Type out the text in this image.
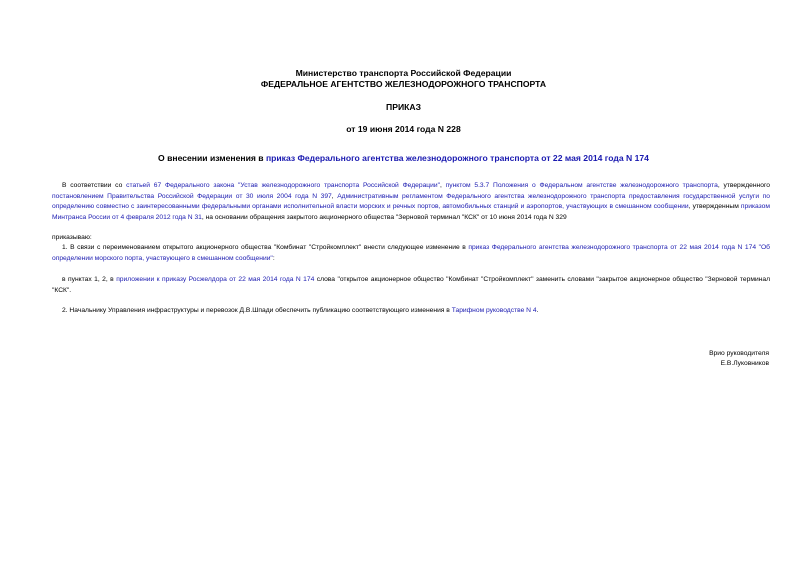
Министерство транспорта Российской Федерации
ФЕДЕРАЛЬНОЕ АГЕНТСТВО ЖЕЛЕЗНОДОРОЖНОГО ТРАНСПОРТА
ПРИКАЗ
от 19 июня 2014 года N 228
О внесении изменения в приказ Федерального агентства железнодорожного транспорта от 22 мая 2014 года N 174
В соответствии со статьей 67 Федерального закона "Устав железнодорожного транспорта Российской Федерации", пунктом 5.3.7 Положения о Федеральном агентстве железнодорожного транспорта, утвержденного постановлением Правительства Российской Федерации от 30 июля 2004 года N 397, Административным регламентом Федерального агентства железнодорожного транспорта предоставления государственной услуги по определению совместно с заинтересованными федеральными органами исполнительной власти морских и речных портов, автомобильных станций и аэропортов, участвующих в смешанном сообщении, утвержденным приказом Минтранса России от 4 февраля 2012 года N 31, на основании обращения закрытого акционерного общества "Зерновой терминал "КСК" от 10 июня 2014 года N 329
приказываю:
1. В связи с переименованием открытого акционерного общества "Комбинат "Стройкомплект" внести следующее изменение в приказ Федерального агентства железнодорожного транспорта от 22 мая 2014 года N 174 "Об определении морского порта, участвующего в смешанном сообщении":
в пунктах 1, 2, в приложении к приказу Росжелдора от 22 мая 2014 года N 174 слова "открытое акционерное общество "Комбинат "Стройкомплект" заменить словами "закрытое акционерное общество "Зерновой терминал "КСК".
2. Начальнику Управления инфраструктуры и перевозок Д.В.Шпади обеспечить публикацию соответствующего изменения в Тарифном руководстве N 4.
Врио руководителя
Е.В.Луковников
